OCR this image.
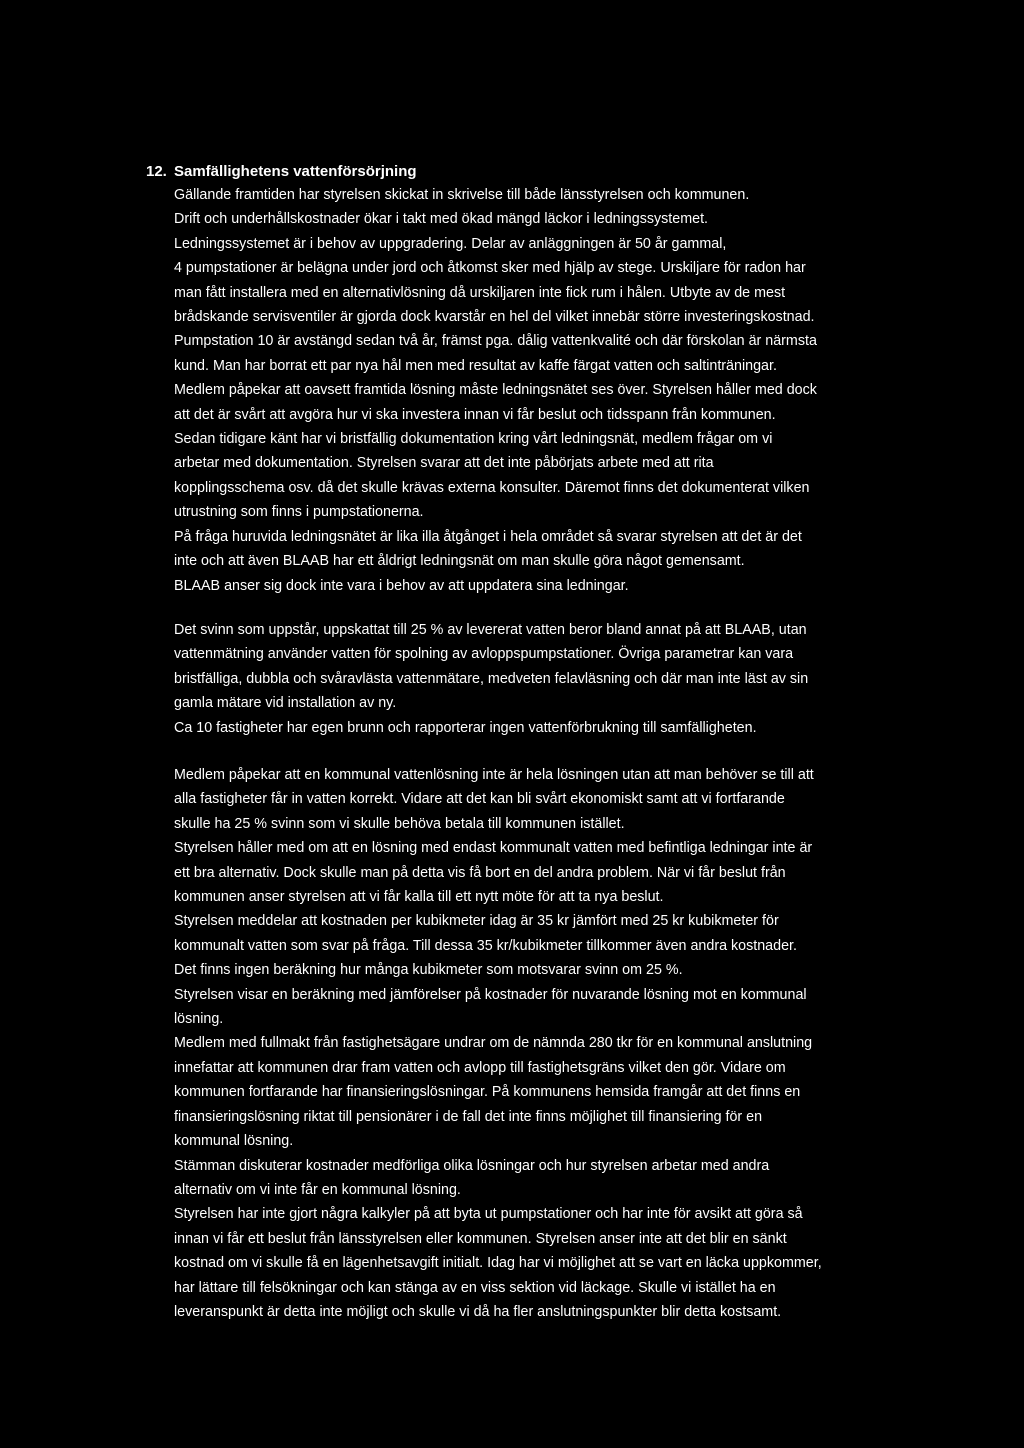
12. Samfällighetens vattenförsörjning
Gällande framtiden har styrelsen skickat in skrivelse till både länsstyrelsen och kommunen.
Drift och underhållskostnader ökar i takt med ökad mängd läckor i ledningssystemet.
Ledningssystemet är i behov av uppgradering. Delar av anläggningen är 50 år gammal,
4 pumpstationer är belägna under jord och åtkomst sker med hjälp av stege. Urskiljare för radon har
man fått installera med en alternativlösning då urskiljaren inte fick rum i hålen. Utbyte av de mest
brådskande servisventiler är gjorda dock kvarstår en hel del vilket innebär större investeringskostnad.
Pumpstation 10 är avstängd sedan två år, främst pga. dålig vattenkvalité och där förskolan är närmsta
kund. Man har borrat ett par nya hål men med resultat av kaffe färgat vatten och saltinträningar.
Medlem påpekar att oavsett framtida lösning måste ledningsnätet ses över. Styrelsen håller med dock
att det är svårt att avgöra hur vi ska investera innan vi får beslut och tidsspann från kommunen.
Sedan tidigare känt har vi bristfällig dokumentation kring vårt ledningsnät, medlem frågar om vi
arbetar med dokumentation. Styrelsen svarar att det inte påbörjats arbete med att rita
kopplingsschema osv. då det skulle krävas externa konsulter. Däremot finns det dokumenterat vilken
utrustning som finns i pumpstationerna.
På fråga huruvida ledningsnätet är lika illa åtgånget i hela området så svarar styrelsen att det är det
inte och att även BLAAB har ett åldrigt ledningsnät om man skulle göra något gemensamt.
BLAAB anser sig dock inte vara i behov av att uppdatera sina ledningar.
Det svinn som uppstår, uppskattat till 25 % av levererat vatten beror bland annat på att BLAAB, utan
vattenmätning använder vatten för spolning av avloppspumpstationer. Övriga parametrar kan vara
bristfälliga, dubbla och svåravlästa vattenmätare, medveten felavläsning och där man inte läst av sin
gamla mätare vid installation av ny.
Ca 10 fastigheter har egen brunn och rapporterar ingen vattenförbrukning till samfälligheten.
Medlem påpekar att en kommunal vattenlösning inte är hela lösningen utan att man behöver se till att
alla fastigheter får in vatten korrekt. Vidare att det kan bli svårt ekonomiskt samt att vi fortfarande
skulle ha 25 % svinn som vi skulle behöva betala till kommunen istället.
Styrelsen håller med om att en lösning med endast kommunalt vatten med befintliga ledningar inte är
ett bra alternativ. Dock skulle man på detta vis få bort en del andra problem. När vi får beslut från
kommunen anser styrelsen att vi får kalla till ett nytt möte för att ta nya beslut.
Styrelsen meddelar att kostnaden per kubikmeter idag är 35 kr jämfört med 25 kr kubikmeter för
kommunalt vatten som svar på fråga. Till dessa 35 kr/kubikmeter tillkommer även andra kostnader.
Det finns ingen beräkning hur många kubikmeter som motsvarar svinn om 25 %.
Styrelsen visar en beräkning med jämförelser på kostnader för nuvarande lösning mot en kommunal
lösning.
Medlem med fullmakt från fastighetsägare undrar om de nämnda 280 tkr för en kommunal anslutning
innefattar att kommunen drar fram vatten och avlopp till fastighetsgräns vilket den gör. Vidare om
kommunen fortfarande har finansieringslösningar. På kommunens hemsida framgår att det finns en
finansieringslösning riktat till pensionärer i de fall det inte finns möjlighet till finansiering för en
kommunal lösning.
Stämman diskuterar kostnader medförliga olika lösningar och hur styrelsen arbetar med andra
alternativ om vi inte får en kommunal lösning.
Styrelsen har inte gjort några kalkyler på att byta ut pumpstationer och har inte för avsikt att göra så
innan vi får ett beslut från länsstyrelsen eller kommunen. Styrelsen anser inte att det blir en sänkt
kostnad om vi skulle få en lägenhetsavgift initialt. Idag har vi möjlighet att se vart en läcka uppkommer,
har lättare till felsökningar och kan stänga av en viss sektion vid läckage. Skulle vi istället ha en
leveranspunkt är detta inte möjligt och skulle vi då ha fler anslutningspunkter blir detta kostsamt.
